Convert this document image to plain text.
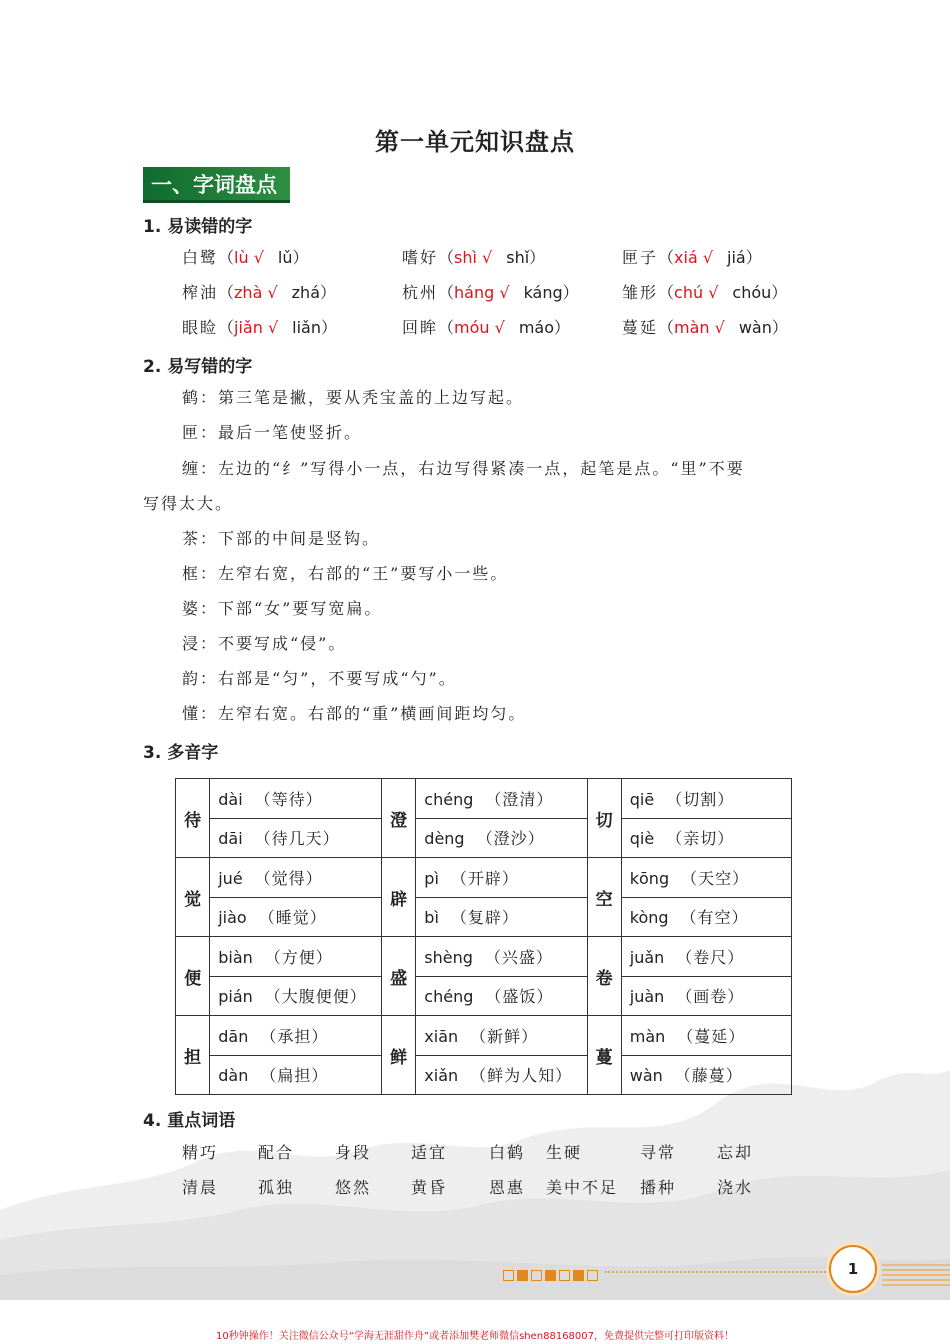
第一单元知识盘点
一、字词盘点
1. 易读错的字
白鹭（lù √ lǔ）	嗜好（shì √ shǐ）	匣子（xiá √ jiá）
榨油（zhà √ zhá）	杭州（háng √ káng）	雏形（chú √ chóu）
眼睑（jiǎn √ liǎn）	回眸（móu √ máo）	蔓延（màn √ wàn）
2. 易写错的字
鹤：第三笔是撇，要从秃宝盖的上边写起。
匣：最后一笔使竖折。
缠：左边的“纟”写得小一点，右边写得紧凑一点，起笔是点。“里”不要
写得太大。
茶：下部的中间是竖钩。
框：左窄右宽，右部的“王”要写小一些。
婆：下部“女”要写宽扁。
浸：不要写成“侵”。
韵：右部是“匀”，不要写成“勺”。
懂：左窄右宽。右部的“重”横画间距均匀。
3. 多音字
待	dài （等待）	澄	chéng （澄清）	切	qiē （切割）
	dāi （待几天）		dèng （澄沙）		qiè （亲切）
觉	jué （觉得）	辟	pì （开辟）	空	kōng （天空）
	jiào （睡觉）		bì （复辟）		kòng （有空）
便	biàn （方便）	盛	shèng （兴盛）	卷	juǎn （卷尺）
	pián （大腹便便）		chéng （盛饭）		juàn （画卷）
担	dān （承担）	鲜	xiān （新鲜）	蔓	màn （蔓延）
	dàn （扁担）		xiǎn （鲜为人知）		wàn （藤蔓）
4. 重点词语
精巧 配合	身段 适宜	白鹤 生硬	寻常	忘却
清晨 孤独	悠然 黄昏	恩惠 美中不足 播种	浇水
1
10秒钟操作！关注微信公众号“学海无涯甜作舟”或者添加樊老师微信shen88168007，免费提供完整可打印版资料！
